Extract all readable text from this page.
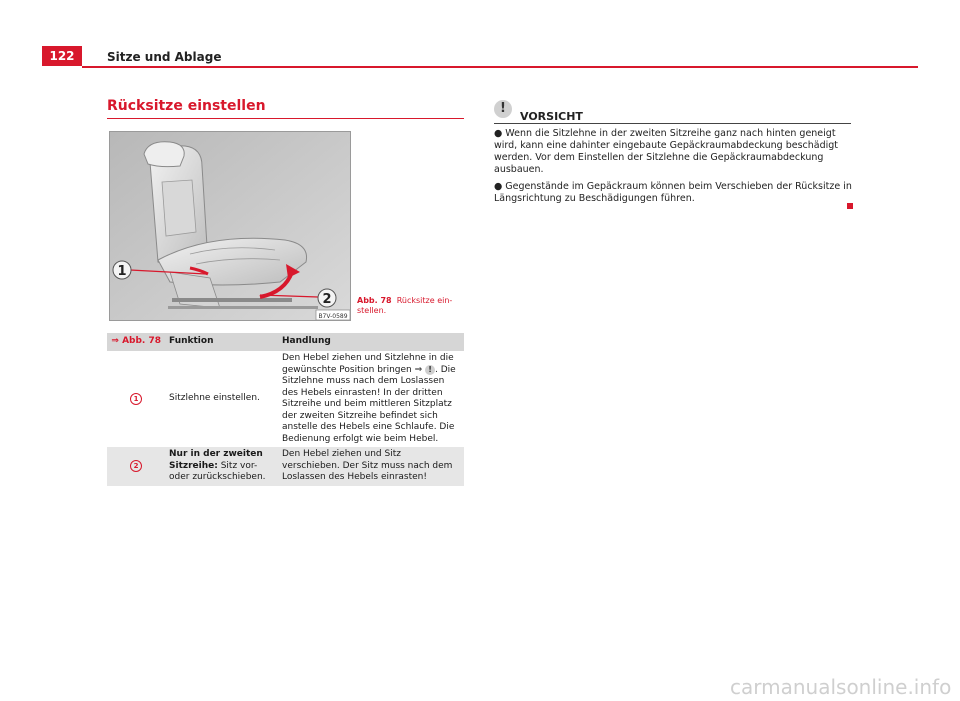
122	Sitze und Ablage
Rücksitze einstellen
1
2
B7V-0589
Abb. 78 Rücksitze ein-stellen.
⇒ Abb. 78	Funktion	Handlung
1	Sitzlehne einstellen.	Den Hebel ziehen und Sitzlehne in die gewünschte Position bringen ⇒ ! . Die Sitzlehne muss nach dem Loslassen des Hebels einrasten! In der dritten Sitzreihe und beim mittleren Sitzplatz der zweiten Sitzreihe befindet sich anstelle des Hebels eine Schlaufe. Die Bedienung erfolgt wie beim Hebel.
2	Nur in der zweiten Sitzreihe: Sitz vor- oder zurückschieben.	Den Hebel ziehen und Sitz verschieben. Der Sitz muss nach dem Loslassen des Hebels einrasten!
!
VORSICHT

● Wenn die Sitzlehne in der zweiten Sitzreihe ganz nach hinten geneigt wird, kann eine dahinter eingebaute Gepäckraumabdeckung beschädigt werden. Vor dem Einstellen der Sitzlehne die Gepäckraumabdeckung ausbauen.

● Gegenstände im Gepäckraum können beim Verschieben der Rücksitze in Längsrichtung zu Beschädigungen führen.

carmanualsonline.info
